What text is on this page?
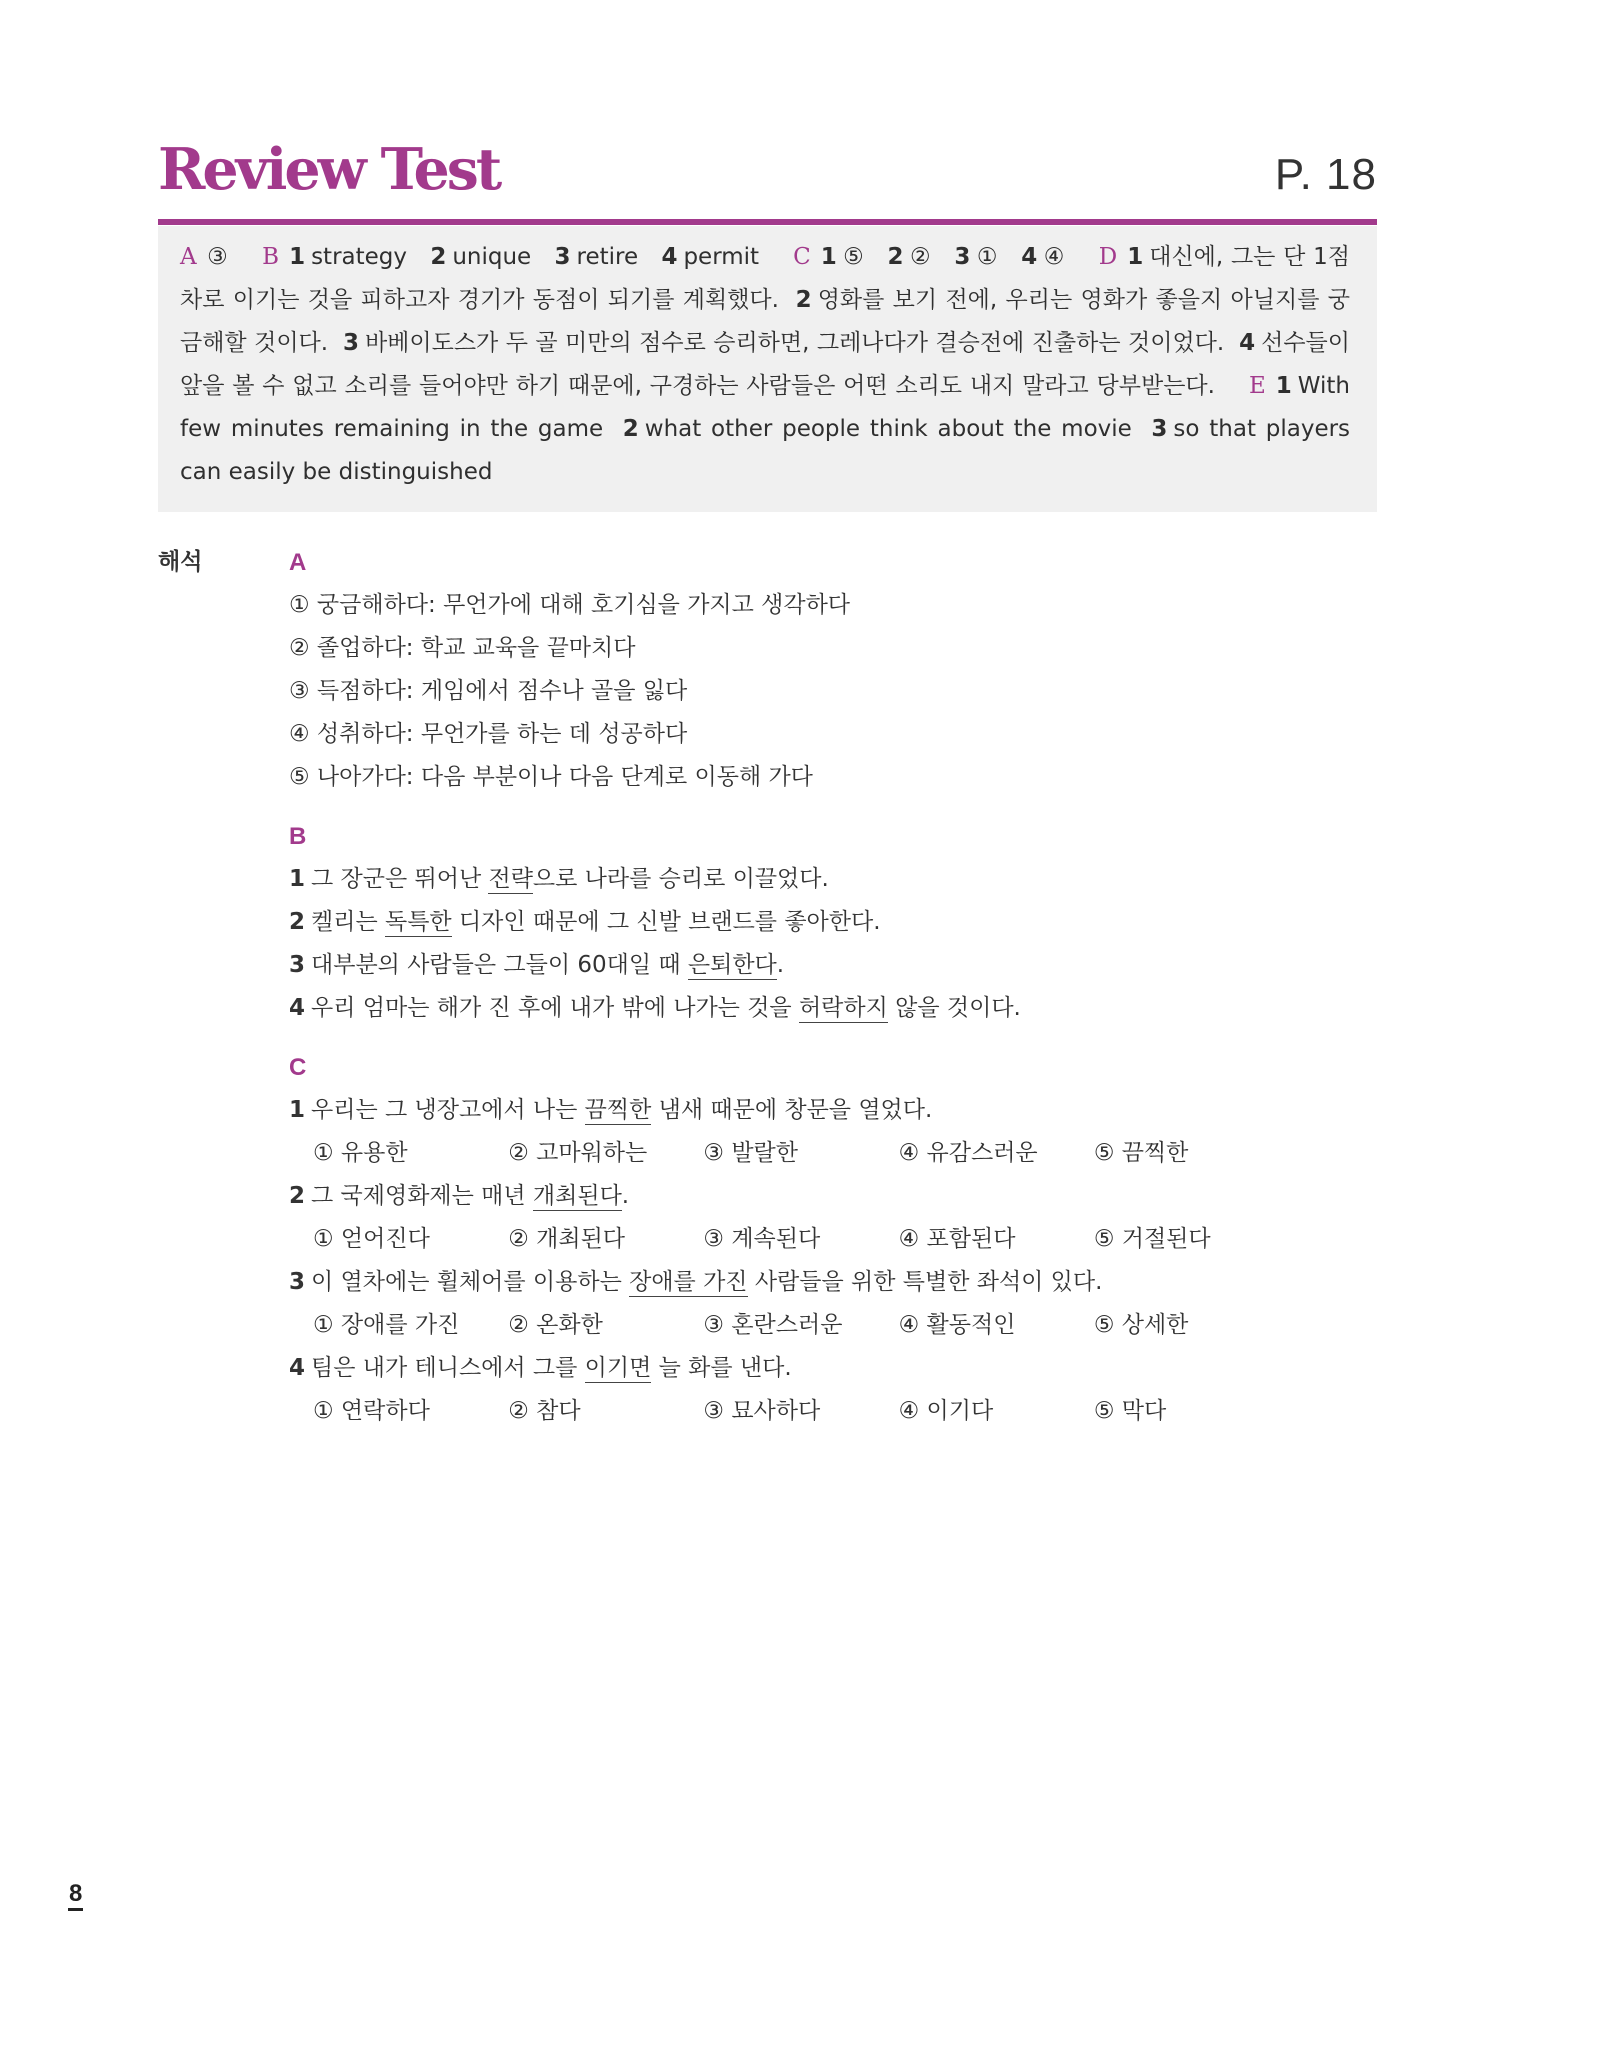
Review Test	P. 18
A ③ B 1 strategy 2 unique 3 retire 4 permit C 1 ⑤ 2 ② 3 ① 4 ④ D 1 대신에, 그는 단 1점 차로 이기는 것을 피하고자 경기가 동점이 되기를 계획했다. 2 영화를 보기 전에, 우리는 영화가 좋을지 아닐지를 궁금해할 것이다. 3 바베이도스가 두 골 미만의 점수로 승리하면, 그레나다가 결승전에 진출하는 것이었다. 4 선수들이 앞을 볼 수 없고 소리를 들어야만 하기 때문에, 구경하는 사람들은 어떤 소리도 내지 말라고 당부받는다. E 1 With few minutes remaining in the game 2 what other people think about the movie 3 so that players can easily be distinguished
해석	A
① 궁금해하다: 무언가에 대해 호기심을 가지고 생각하다
② 졸업하다: 학교 교육을 끝마치다
③ 득점하다: 게임에서 점수나 골을 잃다
④ 성취하다: 무언가를 하는 데 성공하다
⑤ 나아가다: 다음 부분이나 다음 단계로 이동해 가다
B
1 그 장군은 뛰어난 전략으로 나라를 승리로 이끌었다.
2 켈리는 독특한 디자인 때문에 그 신발 브랜드를 좋아한다.
3 대부분의 사람들은 그들이 60대일 때 은퇴한다.
4 우리 엄마는 해가 진 후에 내가 밖에 나가는 것을 허락하지 않을 것이다.
C
1 우리는 그 냉장고에서 나는 끔찍한 냄새 때문에 창문을 열었다.
① 유용한	② 고마워하는	③ 발랄한	④ 유감스러운	⑤ 끔찍한
2 그 국제영화제는 매년 개최된다.
① 얻어진다	② 개최된다	③ 계속된다	④ 포함된다	⑤ 거절된다
3 이 열차에는 휠체어를 이용하는 장애를 가진 사람들을 위한 특별한 좌석이 있다.
① 장애를 가진	② 온화한	③ 혼란스러운	④ 활동적인	⑤ 상세한
4 팀은 내가 테니스에서 그를 이기면 늘 화를 낸다.
① 연락하다	② 참다	③ 묘사하다	④ 이기다	⑤ 막다
8
